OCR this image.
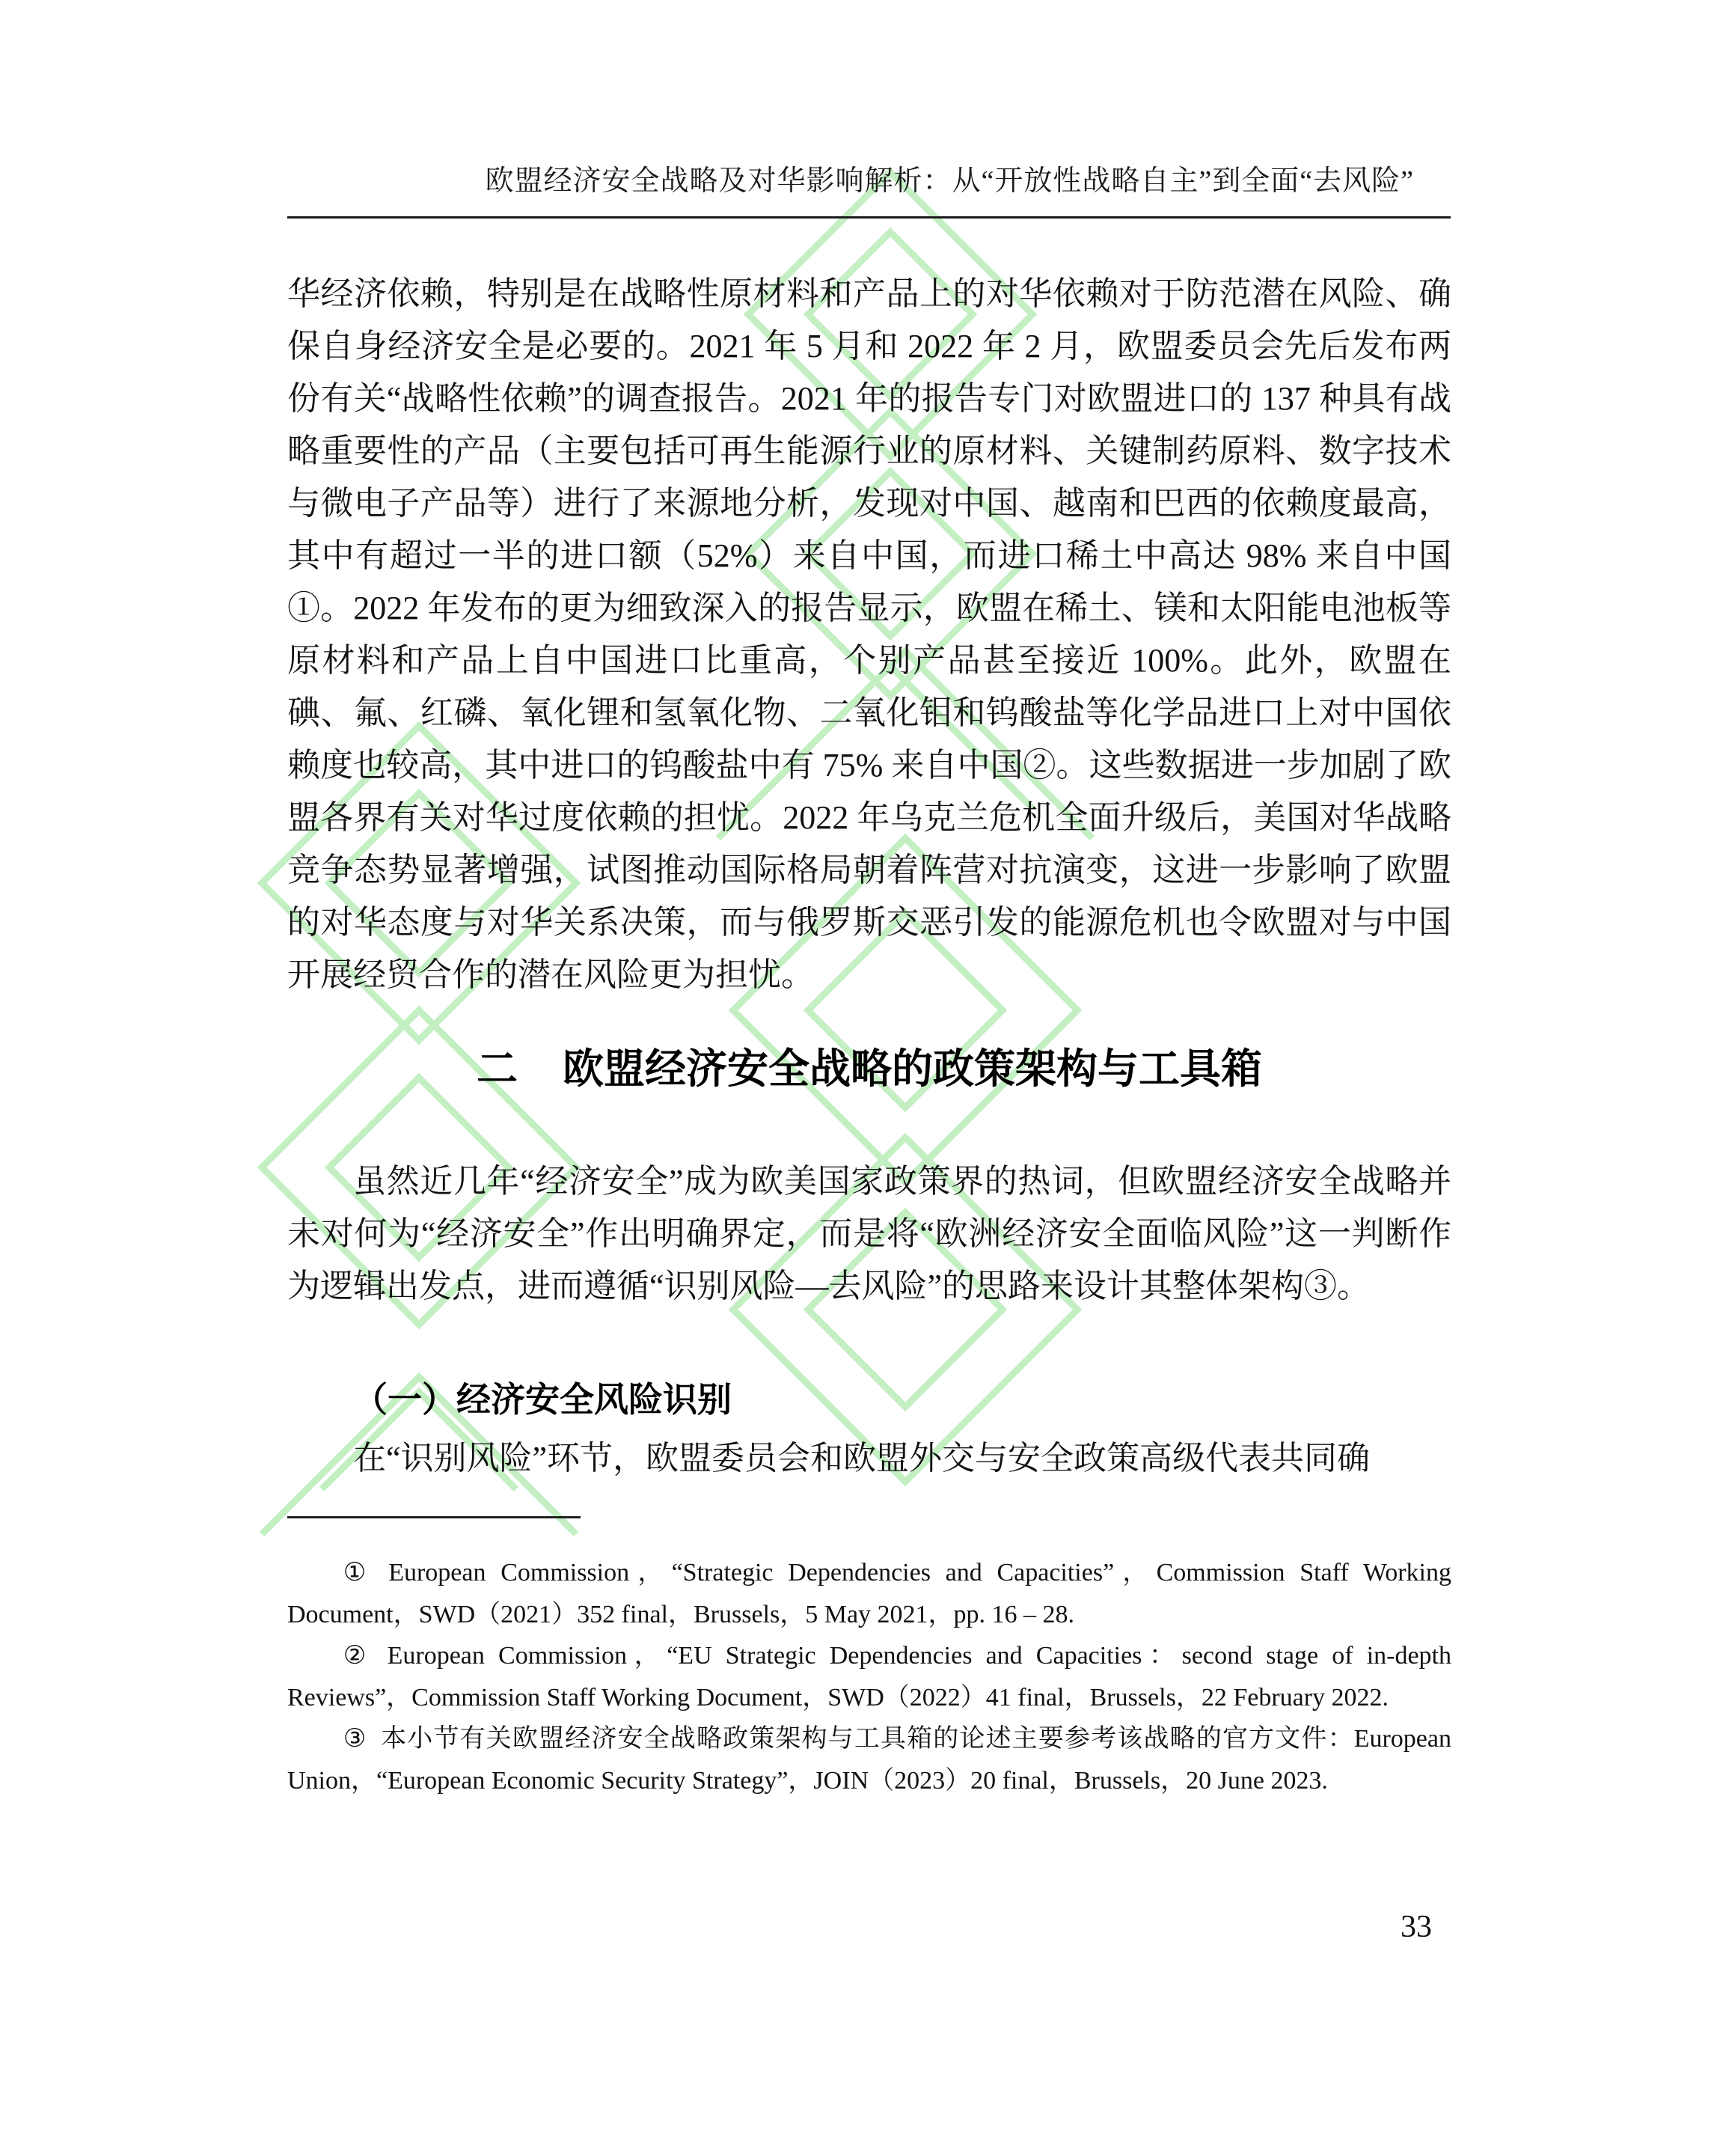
欧盟经济安全战略及对华影响解析：从“开放性战略自主”到全面“去风险”

华经济依赖，特别是在战略性原材料和产品上的对华依赖对于防范潜在风险、确保自身经济安全是必要的。2021 年 5 月和 2022 年 2 月，欧盟委员会先后发布两份有关“战略性依赖”的调查报告。2021 年的报告专门对欧盟进口的 137 种具有战略重要性的产品（主要包括可再生能源行业的原材料、关键制药原料、数字技术与微电子产品等）进行了来源地分析，发现对中国、越南和巴西的依赖度最高，其中有超过一半的进口额（52%）来自中国，而进口稀土中高达 98% 来自中国①。2022 年发布的更为细致深入的报告显示，欧盟在稀土、镁和太阳能电池板等原材料和产品上自中国进口比重高，个别产品甚至接近 100%。此外，欧盟在碘、氟、红磷、氧化锂和氢氧化物、二氧化钼和钨酸盐等化学品进口上对中国依赖度也较高，其中进口的钨酸盐中有 75% 来自中国②。这些数据进一步加剧了欧盟各界有关对华过度依赖的担忧。2022 年乌克兰危机全面升级后，美国对华战略竞争态势显著增强，试图推动国际格局朝着阵营对抗演变，这进一步影响了欧盟的对华态度与对华关系决策，而与俄罗斯交恶引发的能源危机也令欧盟对与中国开展经贸合作的潜在风险更为担忧。

二 欧盟经济安全战略的政策架构与工具箱

虽然近几年“经济安全”成为欧美国家政策界的热词，但欧盟经济安全战略并未对何为“经济安全”作出明确界定，而是将“欧洲经济安全面临风险”这一判断作为逻辑出发点，进而遵循“识别风险—去风险”的思路来设计其整体架构③。

（一）经济安全风险识别

在“识别风险”环节，欧盟委员会和欧盟外交与安全政策高级代表共同确

① European Commission，“Strategic Dependencies and Capacities”，Commission Staff Working Document，SWD（2021）352 final，Brussels，5 May 2021，pp. 16 – 28.

② European Commission，“EU Strategic Dependencies and Capacities：second stage of in-depth Reviews”，Commission Staff Working Document，SWD（2022）41 final，Brussels，22 February 2022.

③ 本小节有关欧盟经济安全战略政策架构与工具箱的论述主要参考该战略的官方文件：European Union，“European Economic Security Strategy”，JOIN（2023）20 final，Brussels，20 June 2023.

33
